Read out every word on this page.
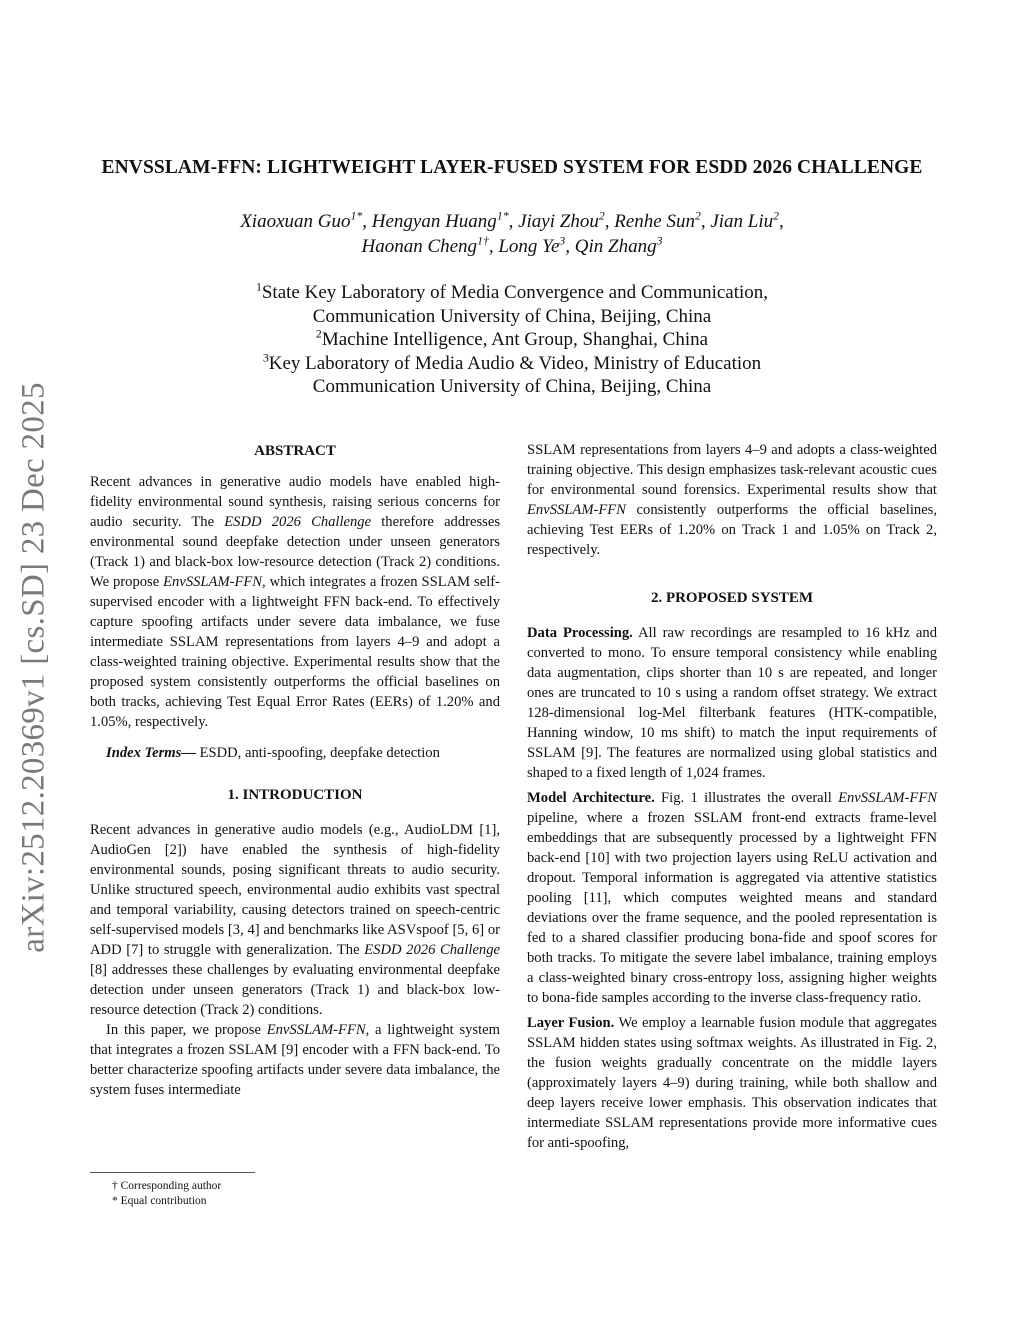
arXiv:2512.20369v1 [cs.SD] 23 Dec 2025
ENVSSLAM-FFN: LIGHTWEIGHT LAYER-FUSED SYSTEM FOR ESDD 2026 CHALLENGE
Xiaoxuan Guo$^{1*}$, Hengyan Huang$^{1*}$, Jiayi Zhou$^2$, Renhe Sun$^2$, Jian Liu$^2$,
Haonan Cheng$^{1\dagger}$, Long Ye$^3$, Qin Zhang$^3$
$^1$State Key Laboratory of Media Convergence and Communication,
Communication University of China, Beijing, China
$^2$Machine Intelligence, Ant Group, Shanghai, China
$^3$Key Laboratory of Media Audio & Video, Ministry of Education
Communication University of China, Beijing, China
ABSTRACT

Recent advances in generative audio models have enabled high-fidelity environmental sound synthesis, raising serious concerns for audio security. The ESDD 2026 Challenge therefore addresses environmental sound deepfake detection under unseen generators (Track 1) and black-box low-resource detection (Track 2) conditions. We propose EnvSSLAM-FFN, which integrates a frozen SSLAM self-supervised encoder with a lightweight FFN back-end. To effectively capture spoofing artifacts under severe data imbalance, we fuse intermediate SSLAM representations from layers 4–9 and adopt a class-weighted training objective. Experimental results show that the proposed system consistently outperforms the official baselines on both tracks, achieving Test Equal Error Rates (EERs) of 1.20% and 1.05%, respectively.

Index Terms— ESDD, anti-spoofing, deepfake detection

1. INTRODUCTION

Recent advances in generative audio models (e.g., AudioLDM [1], AudioGen [2]) have enabled the synthesis of high-fidelity environmental sounds, posing significant threats to audio security. Unlike structured speech, environmental audio exhibits vast spectral and temporal variability, causing detectors trained on speech-centric self-supervised models [3, 4] and benchmarks like ASVspoof [5, 6] or ADD [7] to struggle with generalization. The ESDD 2026 Challenge [8] addresses these challenges by evaluating environmental deepfake detection under unseen generators (Track 1) and black-box low-resource detection (Track 2) conditions.

In this paper, we propose EnvSSLAM-FFN, a lightweight system that integrates a frozen SSLAM [9] encoder with a FFN back-end. To better characterize spoofing artifacts under severe data imbalance, the system fuses intermediate

† Corresponding author
* Equal contribution

SSLAM representations from layers 4–9 and adopts a class-weighted training objective. This design emphasizes task-relevant acoustic cues for environmental sound forensics. Experimental results show that EnvSSLAM-FFN consistently outperforms the official baselines, achieving Test EERs of 1.20% on Track 1 and 1.05% on Track 2, respectively.

2. PROPOSED SYSTEM

Data Processing. All raw recordings are resampled to 16 kHz and converted to mono. To ensure temporal consistency while enabling data augmentation, clips shorter than 10 s are repeated, and longer ones are truncated to 10 s using a random offset strategy. We extract 128-dimensional log-Mel filterbank features (HTK-compatible, Hanning window, 10 ms shift) to match the input requirements of SSLAM [9]. The features are normalized using global statistics and shaped to a fixed length of 1,024 frames.

Model Architecture. Fig. 1 illustrates the overall EnvSSLAM-FFN pipeline, where a frozen SSLAM front-end extracts frame-level embeddings that are subsequently processed by a lightweight FFN back-end [10] with two projection layers using ReLU activation and dropout. Temporal information is aggregated via attentive statistics pooling [11], which computes weighted means and standard deviations over the frame sequence, and the pooled representation is fed to a shared classifier producing bona-fide and spoof scores for both tracks. To mitigate the severe label imbalance, training employs a class-weighted binary cross-entropy loss, assigning higher weights to bona-fide samples according to the inverse class-frequency ratio.

Layer Fusion. We employ a learnable fusion module that aggregates SSLAM hidden states using softmax weights. As illustrated in Fig. 2, the fusion weights gradually concentrate on the middle layers (approximately layers 4–9) during training, while both shallow and deep layers receive lower emphasis. This observation indicates that intermediate SSLAM representations provide more informative cues for anti-spoofing,
